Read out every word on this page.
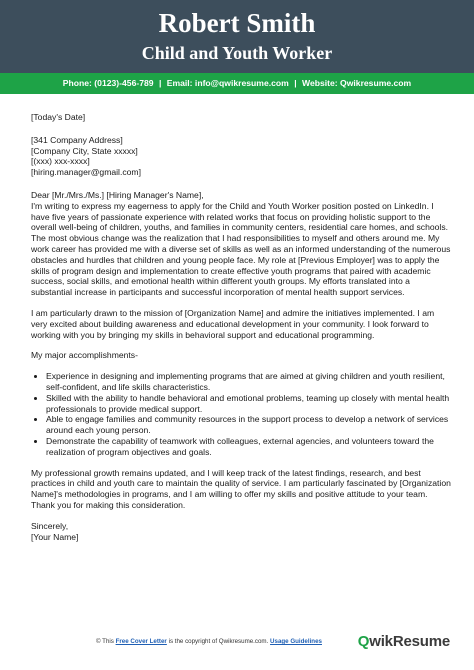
Robert Smith
Child and Youth Worker
Phone: (0123)-456-789 | Email: info@qwikresume.com | Website: Qwikresume.com

[Today's Date]

[341 Company Address]

[Company City, State xxxxx]

[(xxx) xxx-xxxx]

[hiring.manager@gmail.com]

Dear [Mr./Mrs./Ms.] [Hiring Manager's Name],

I'm writing to express my eagerness to apply for the Child and Youth Worker position posted on LinkedIn. I have five years of passionate experience with related works that focus on providing holistic support to the overall well-being of children, youths, and families in community centers, residential care homes, and schools. The most obvious change was the realization that I had responsibilities to myself and others around me. My work career has provided me with a diverse set of skills as well as an informed understanding of the numerous obstacles and hurdles that children and young people face. My role at [Previous Employer] was to apply the skills of program design and implementation to create effective youth programs that paired with academic success, social skills, and emotional health within different youth groups. My efforts translated into a substantial increase in participants and successful incorporation of mental health support services.

I am particularly drawn to the mission of [Organization Name] and admire the initiatives implemented. I am very excited about building awareness and educational development in your community. I look forward to working with you by bringing my skills in behavioral support and educational programming.

My major accomplishments-

• Experience in designing and implementing programs that are aimed at giving children and youth resilient, self-confident, and life skills characteristics.
• Skilled with the ability to handle behavioral and emotional problems, teaming up closely with mental health professionals to provide medical support.
• Able to engage families and community resources in the support process to develop a network of services around each young person.
• Demonstrate the capability of teamwork with colleagues, external agencies, and volunteers toward the realization of program objectives and goals.

My professional growth remains updated, and I will keep track of the latest findings, research, and best practices in child and youth care to maintain the quality of service. I am particularly fascinated by [Organization Name]'s methodologies in programs, and I am willing to offer my skills and positive attitude to your team. Thank you for making this consideration.

Sincerely,

[Your Name]

© This Free Cover Letter is the copyright of Qwikresume.com. Usage Guidelines QwikResume
